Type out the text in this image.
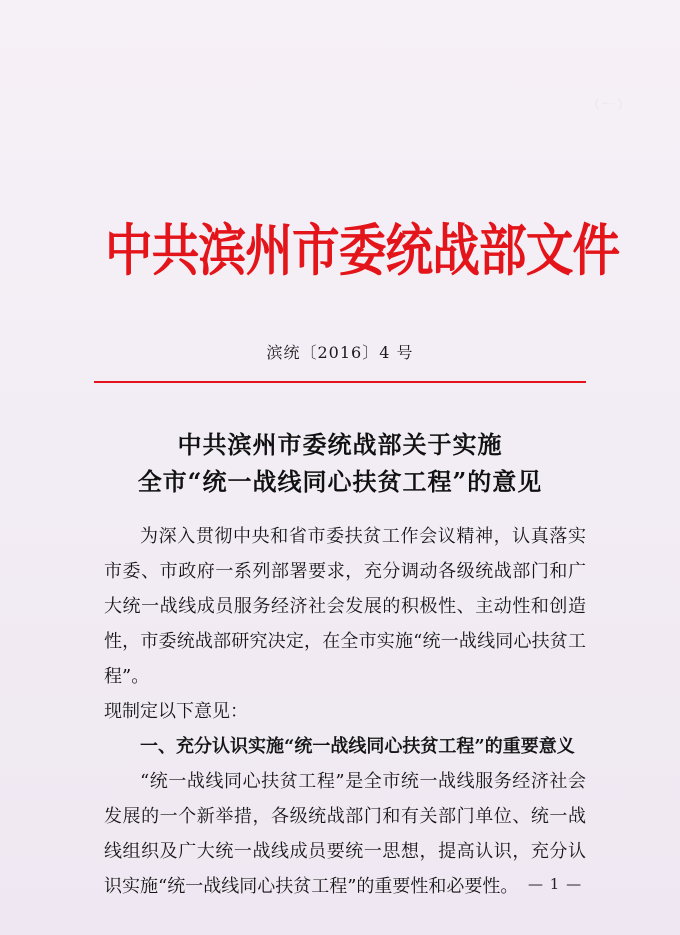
（一）　　　　　　　　　　　　　　　　　　　　

中共滨州市委统战部文件
滨统〔2016〕4 号
中共滨州市委统战部关于实施
全市“统一战线同心扶贫工程”的意见

为深入贯彻中央和省市委扶贫工作会议精神，认真落实市委、市政府一系列部署要求，充分调动各级统战部门和广大统一战线成员服务经济社会发展的积极性、主动性和创造性，市委统战部研究决定，在全市实施“统一战线同心扶贫工程”。

现制定以下意见：

一、充分认识实施“统一战线同心扶贫工程”的重要意义

“统一战线同心扶贫工程”是全市统一战线服务经济社会发展的一个新举措，各级统战部门和有关部门单位、统一战线组织及广大统一战线成员要统一思想，提高认识，充分认识实施“统一战线同心扶贫工程”的重要性和必要性。 — 1 —
